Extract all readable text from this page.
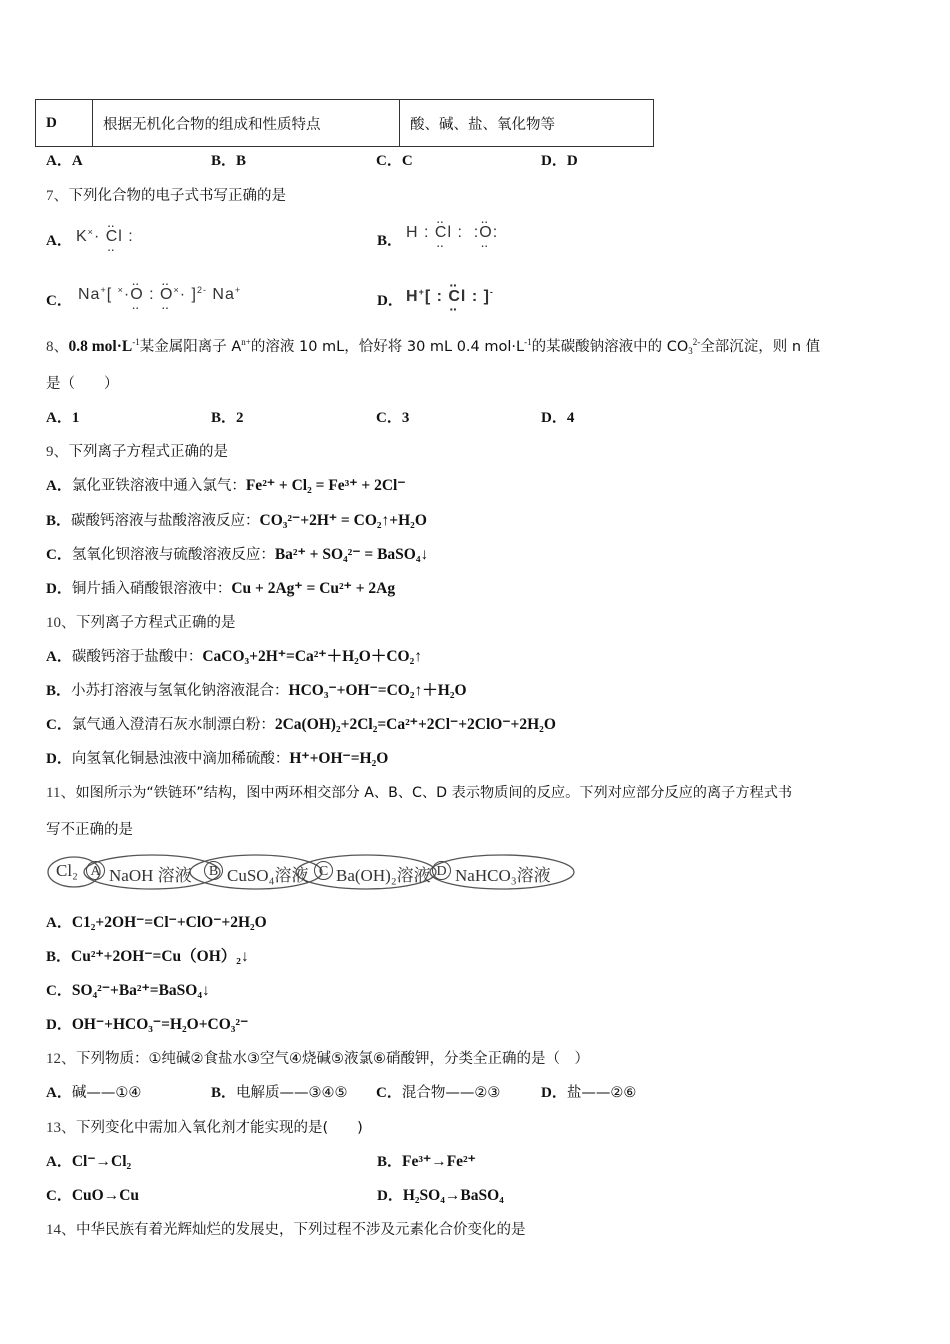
D	根据无机化合物的组成和性质特点	酸、碱、盐、氧化物等
A．A	B．B	C．C	D．D
7、下列化合物的电子式书写正确的是
A． K×· ·· Cl ·· :	B． H : ·· Cl ·· :  :·· O ··:
C． Na+[ ×··· O ·· : ·· O ··×· ]$^{2-}$ Na+
D． H+[ : ·· Cl ·· : ]-
8、0.8 $mol\cdot L^{-1}$某金属阳离子 $A^{n+}$的溶液 10 mL，恰好将 30 mL 0.4 $mol\cdot L^{-1}$的某碳酸钠溶液中的 $CO_3^{2-}$全部沉淀，则 n 值
是（　　）
A．1	B．2	C．3	D．4
9、下列离子方程式正确的是
A．氯化亚铁溶液中通入氯气：Fe²⁺ + Cl₂ = Fe³⁺ + 2Cl⁻
B．碳酸钙溶液与盐酸溶液反应：CO₃²⁻+2H⁺ = CO₂↑+H₂O
C．氢氧化钡溶液与硫酸溶液反应：Ba²⁺ + SO₄²⁻ = BaSO₄↓
D．铜片插入硝酸银溶液中：Cu + 2Ag⁺ = Cu²⁺ + 2Ag
10、下列离子方程式正确的是
A．碳酸钙溶于盐酸中：CaCO₃+2H⁺=Ca²⁺＋H₂O＋CO₂↑
B．小苏打溶液与氢氧化钠溶液混合：HCO₃⁻+OH⁻=CO₂↑＋H₂O
C．氯气通入澄清石灰水制漂白粉：2Ca(OH)₂+2Cl₂=Ca²⁺+2Cl⁻+2ClO⁻+2H₂O
D．向氢氧化铜悬浊液中滴加稀硫酸：H⁺+OH⁻=H₂O
11、如图所示为“铁链环”结构，图中两环相交部分 A、B、C、D 表示物质间的反应。下列对应部分反应的离子方程式书
写不正确的是
Cl₂ A NaOH 溶液	B CuSO₄溶液 C Ba(OH)₂溶液 D NaHCO₃溶液
A．C1₂+2OH⁻=Cl⁻+ClO⁻+2H₂O
B．Cu²⁺+2OH⁻=Cu（OH）₂↓
C．SO₄²⁻+Ba²⁺=BaSO₄↓
D．OH⁻+HCO₃⁻=H₂O+CO₃²⁻
12、下列物质：①纯碱②食盐水③空气④烧碱⑤液氯⑥硝酸钾，分类全正确的是（　）
A．碱——①④	B．电解质——③④⑤ C．混合物——②③	D．盐——②⑥
13、下列变化中需加入氧化剂才能实现的是(　　)
A．Cl⁻→Cl₂	B．Fe³⁺→Fe²⁺
C．CuO→Cu	D．H₂SO₄→BaSO₄
14、中华民族有着光辉灿烂的发展史，下列过程不涉及元素化合价变化的是
